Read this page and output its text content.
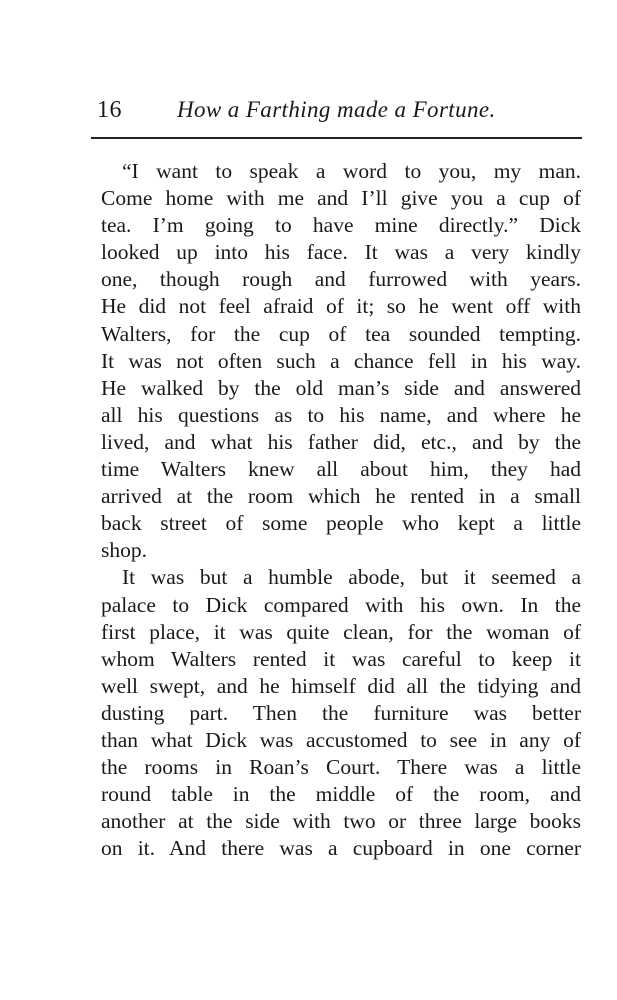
16 How a Farthing made a Fortune.
“I want to speak a word to you, my man.
Come home with me and I’ll give you a cup of
tea. I’m going to have mine directly.” Dick
looked up into his face. It was a very kindly
one, though rough and furrowed with years.
He did not feel afraid of it; so he went off with
Walters, for the cup of tea sounded tempting.
It was not often such a chance fell in his way.
He walked by the old man’s side and answered
all his questions as to his name, and where he
lived, and what his father did, etc., and by the
time Walters knew all about him, they had
arrived at the room which he rented in a small
back street of some people who kept a little
shop.
It was but a humble abode, but it seemed a
palace to Dick compared with his own. In the
first place, it was quite clean, for the woman of
whom Walters rented it was careful to keep it
well swept, and he himself did all the tidying and
dusting part. Then the furniture was better
than what Dick was accustomed to see in any of
the rooms in Roan’s Court. There was a little
round table in the middle of the room, and
another at the side with two or three large books
on it. And there was a cupboard in one corner
